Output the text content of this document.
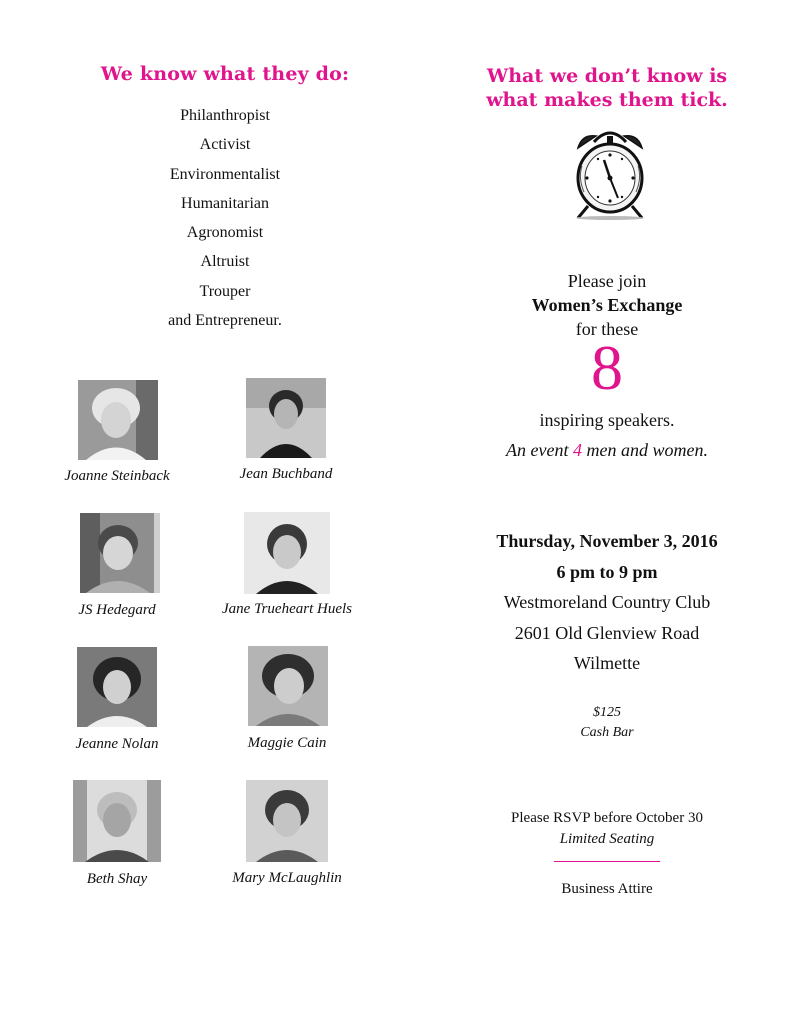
We know what they do:
Philanthropist
Activist
Environmentalist
Humanitarian
Agronomist
Altruist
Trouper
and Entrepreneur.
Joanne Steinback	Jean Buchband
JS Hedegard	Jane Trueheart Huels
Jeanne Nolan	Maggie Cain
Beth Shay	Mary McLaughlin
What we don’t know is
what makes them tick.
Please join
Women’s Exchange
for these
8
inspiring speakers.
An event 4 men and women.
Thursday, November 3, 2016
6 pm to 9 pm
Westmoreland Country Club
2601 Old Glenview Road
Wilmette
$125
Cash Bar
Please RSVP before October 30
Limited Seating
Business Attire
